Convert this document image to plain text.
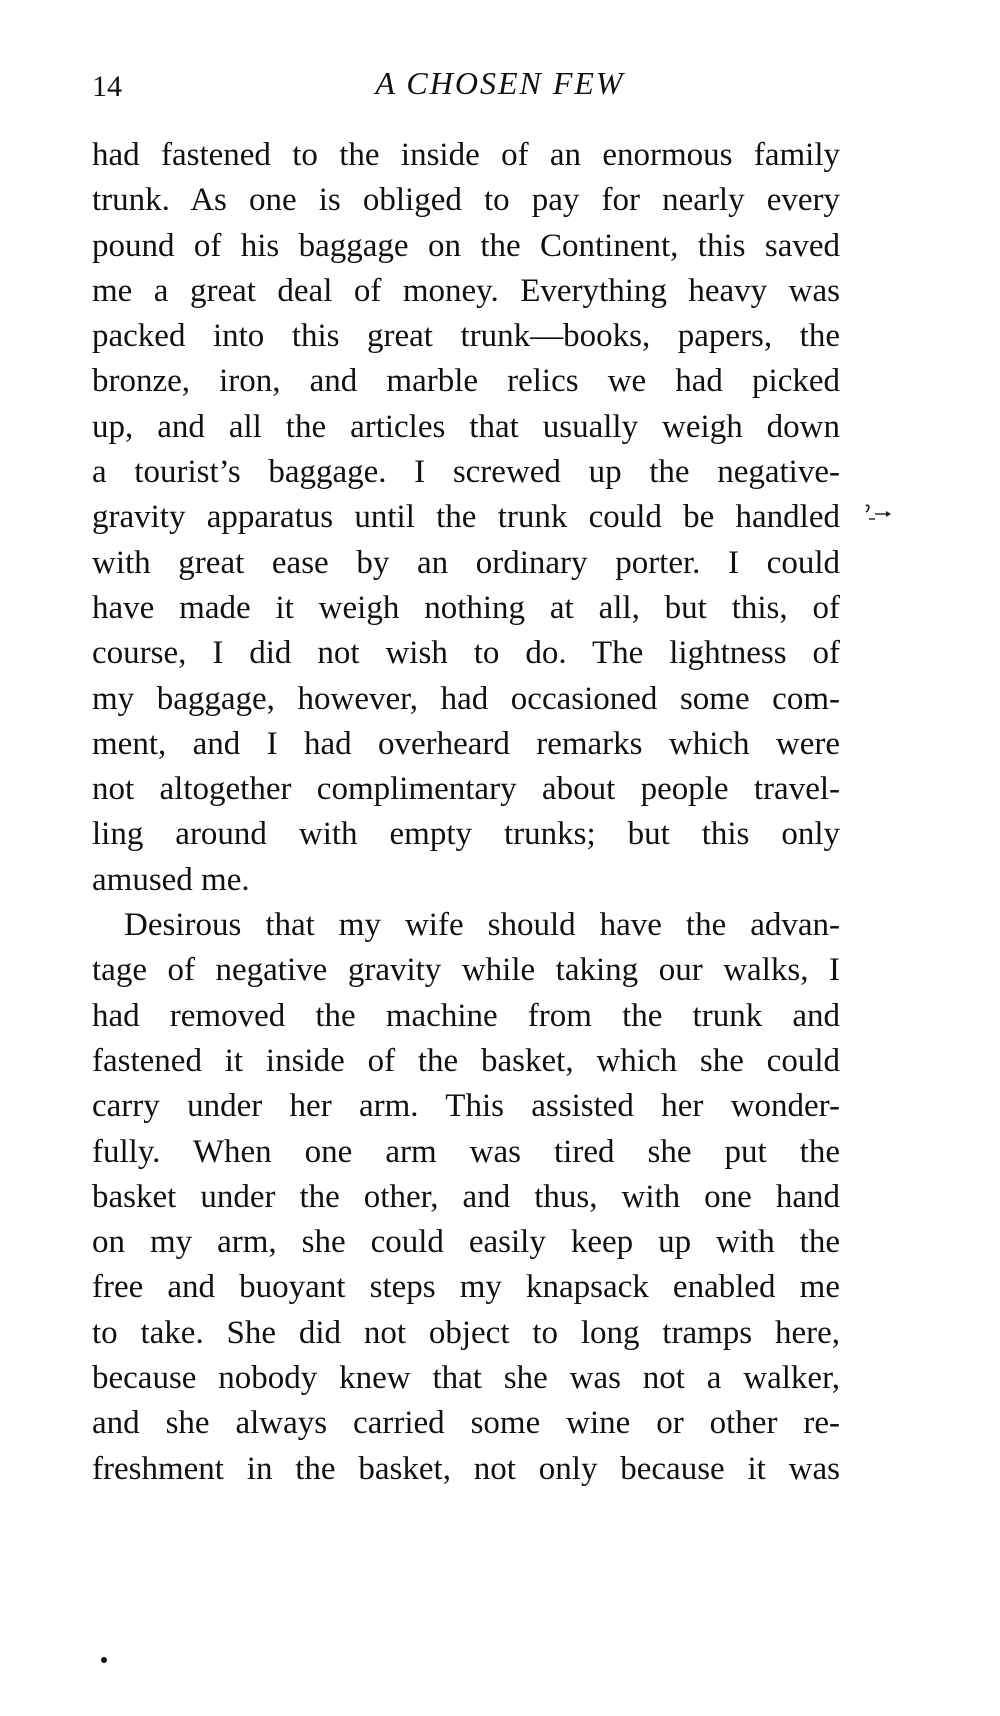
14	A CHOSEN FEW
had fastened to the inside of an enormous family
trunk. As one is obliged to pay for nearly every
pound of his baggage on the Continent, this saved
me a great deal of money. Everything heavy was
packed into this great trunk—books, papers, the
bronze, iron, and marble relics we had picked
up, and all the articles that usually weigh down
a tourist’s baggage. I screwed up the negative-
gravity apparatus until the trunk could be handled
with great ease by an ordinary porter. I could
have made it weigh nothing at all, but this, of
course, I did not wish to do. The lightness of
my baggage, however, had occasioned some com-
ment, and I had overheard remarks which were
not altogether complimentary about people travel-
ling around with empty trunks; but this only
amused me.
Desirous that my wife should have the advan-
tage of negative gravity while taking our walks, I
had removed the machine from the trunk and
fastened it inside of the basket, which she could
carry under her arm. This assisted her wonder-
fully. When one arm was tired she put the
basket under the other, and thus, with one hand
on my arm, she could easily keep up with the
free and buoyant steps my knapsack enabled me
to take. She did not object to long tramps here,
because nobody knew that she was not a walker,
and she always carried some wine or other re-
freshment in the basket, not only because it was
